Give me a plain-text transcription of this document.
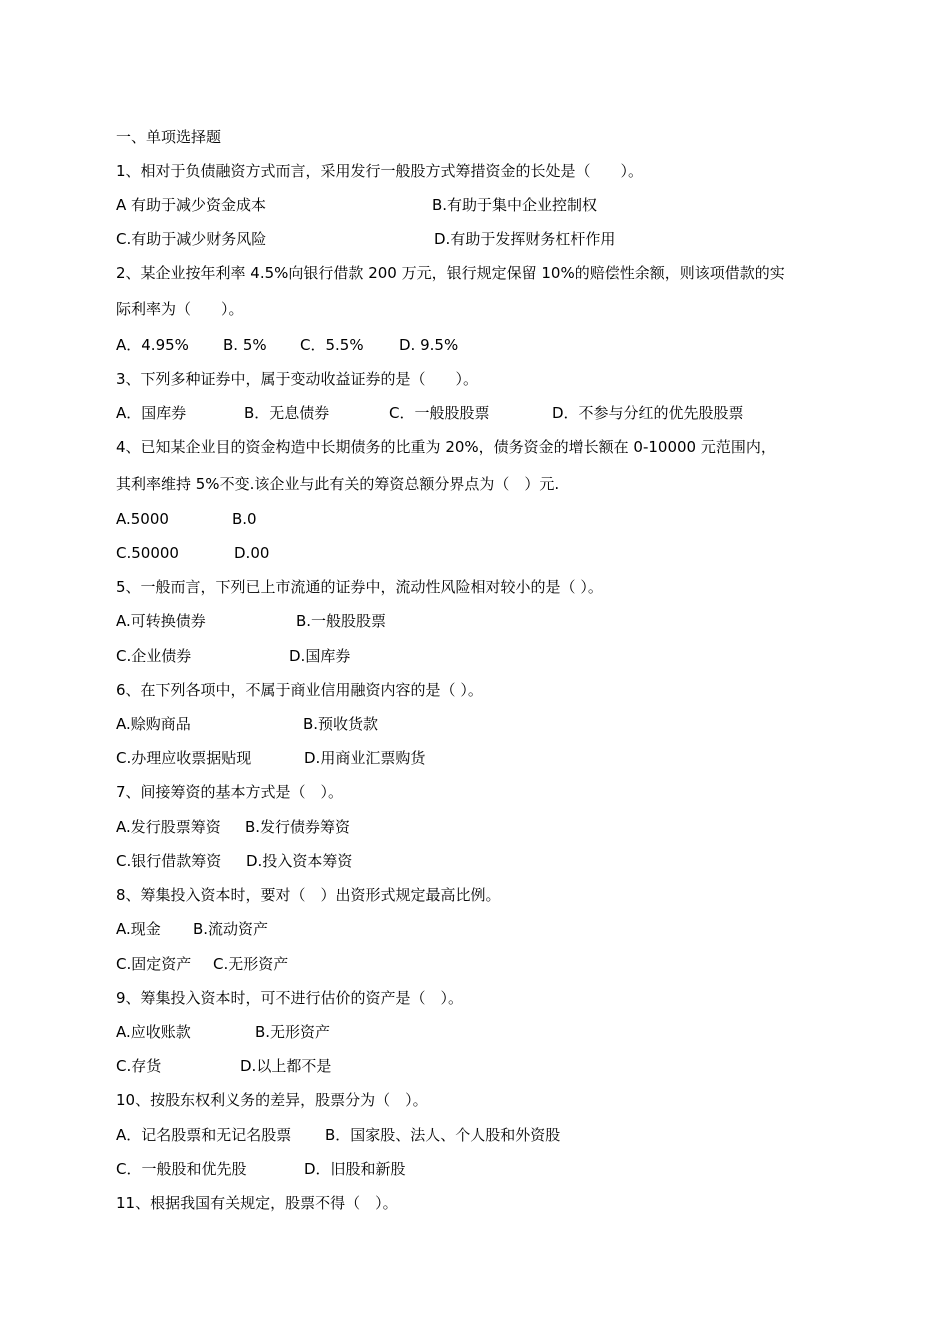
一、单项选择题
1、相对于负债融资方式而言，采用发行一般股方式筹措资金的长处是（　　）。
A 有助于减少资金成本	B.有助于集中企业控制权
C.有助于减少财务风险	D.有助于发挥财务杠杆作用
2、某企业按年利率 4.5%向银行借款 200 万元，银行规定保留 10%的赔偿性余额，则该项借款的实
际利率为（　　）。
A．4.95% B. 5% C．5.5% D. 9.5%
3、下列多种证券中，属于变动收益证券的是（　　）。
A．国库券	B．无息债券	C．一般股股票	D．不参与分红的优先股股票
4、已知某企业目的资金构造中长期债务的比重为 20%，债务资金的增长额在 0-10000 元范围内，
其利率维持 5%不变.该企业与此有关的筹资总额分界点为（　）元.
A.5000	B.0
C.50000	D.00
5、一般而言，下列已上市流通的证券中，流动性风险相对较小的是（ ）。
A.可转换债券	B.一般股股票
C.企业债券	D.国库券
6、在下列各项中，不属于商业信用融资内容的是（ ）。
A.赊购商品	B.预收货款
C.办理应收票据贴现	D.用商业汇票购货
7、间接筹资的基本方式是（　）。
A.发行股票筹资 B.发行债券筹资
C.银行借款筹资 D.投入资本筹资
8、筹集投入资本时，要对（　）出资形式规定最高比例。
A.现金 B.流动资产
C.固定资产 C.无形资产
9、筹集投入资本时，可不进行估价的资产是（　）。
A.应收账款	B.无形资产
C.存货	D.以上都不是
10、按股东权利义务的差异，股票分为（　）。
A．记名股票和无记名股票 B．国家股、法人、个人股和外资股
C．一般股和优先股	D．旧股和新股
11、根据我国有关规定，股票不得（　）。
